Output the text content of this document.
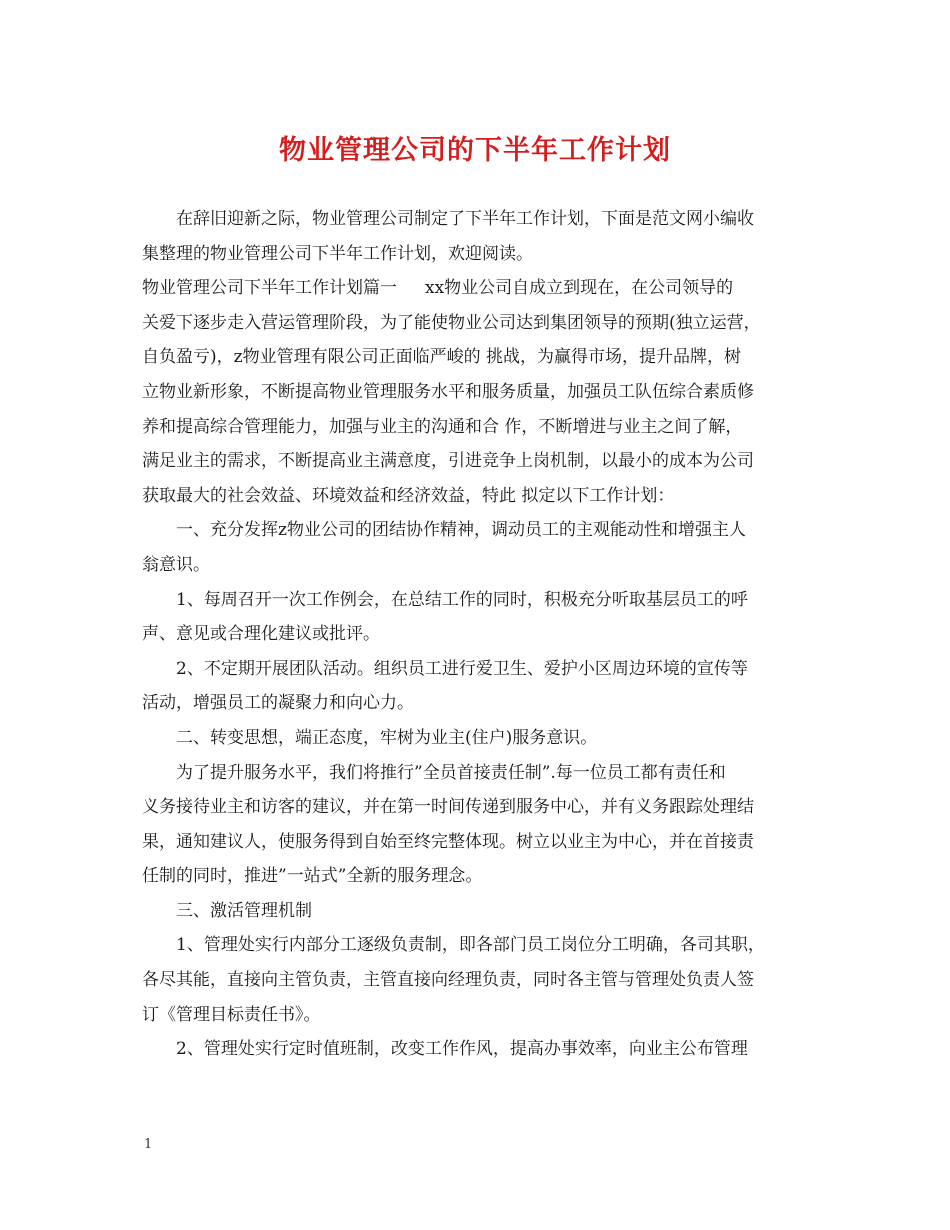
物业管理公司的下半年工作计划
在辞旧迎新之际，物业管理公司制定了下半年工作计划，下面是范文网小编收
集整理的物业管理公司下半年工作计划，欢迎阅读。
物业管理公司下半年工作计划篇一 xx物业公司自成立到现在，在公司领导的
关爱下逐步走入营运管理阶段，为了能使物业公司达到集团领导的预期(独立运营，
自负盈亏)，z物业管理有限公司正面临严峻的 挑战，为赢得市场，提升品牌，树
立物业新形象，不断提高物业管理服务水平和服务质量，加强员工队伍综合素质修
养和提高综合管理能力，加强与业主的沟通和合 作，不断增进与业主之间了解，
满足业主的需求，不断提高业主满意度，引进竞争上岗机制，以最小的成本为公司
获取最大的社会效益、环境效益和经济效益，特此 拟定以下工作计划：
一、充分发挥z物业公司的团结协作精神，调动员工的主观能动性和增强主人
翁意识。
1、每周召开一次工作例会，在总结工作的同时，积极充分听取基层员工的呼
声、意见或合理化建议或批评。
2、不定期开展团队活动。组织员工进行爱卫生、爱护小区周边环境的宣传等
活动，增强员工的凝聚力和向心力。
二、转变思想，端正态度，牢树为业主(住户)服务意识。
为了提升服务水平，我们将推行”全员首接责任制”.每一位员工都有责任和
义务接待业主和访客的建议，并在第一时间传递到服务中心，并有义务跟踪处理结
果，通知建议人，使服务得到自始至终完整体现。树立以业主为中心，并在首接责
任制的同时，推进”一站式”全新的服务理念。
三、激活管理机制
1、管理处实行内部分工逐级负责制，即各部门员工岗位分工明确，各司其职，
各尽其能，直接向主管负责，主管直接向经理负责，同时各主管与管理处负责人签
订《管理目标责任书》。
2、管理处实行定时值班制，改变工作作风，提高办事效率，向业主公布管理
1
